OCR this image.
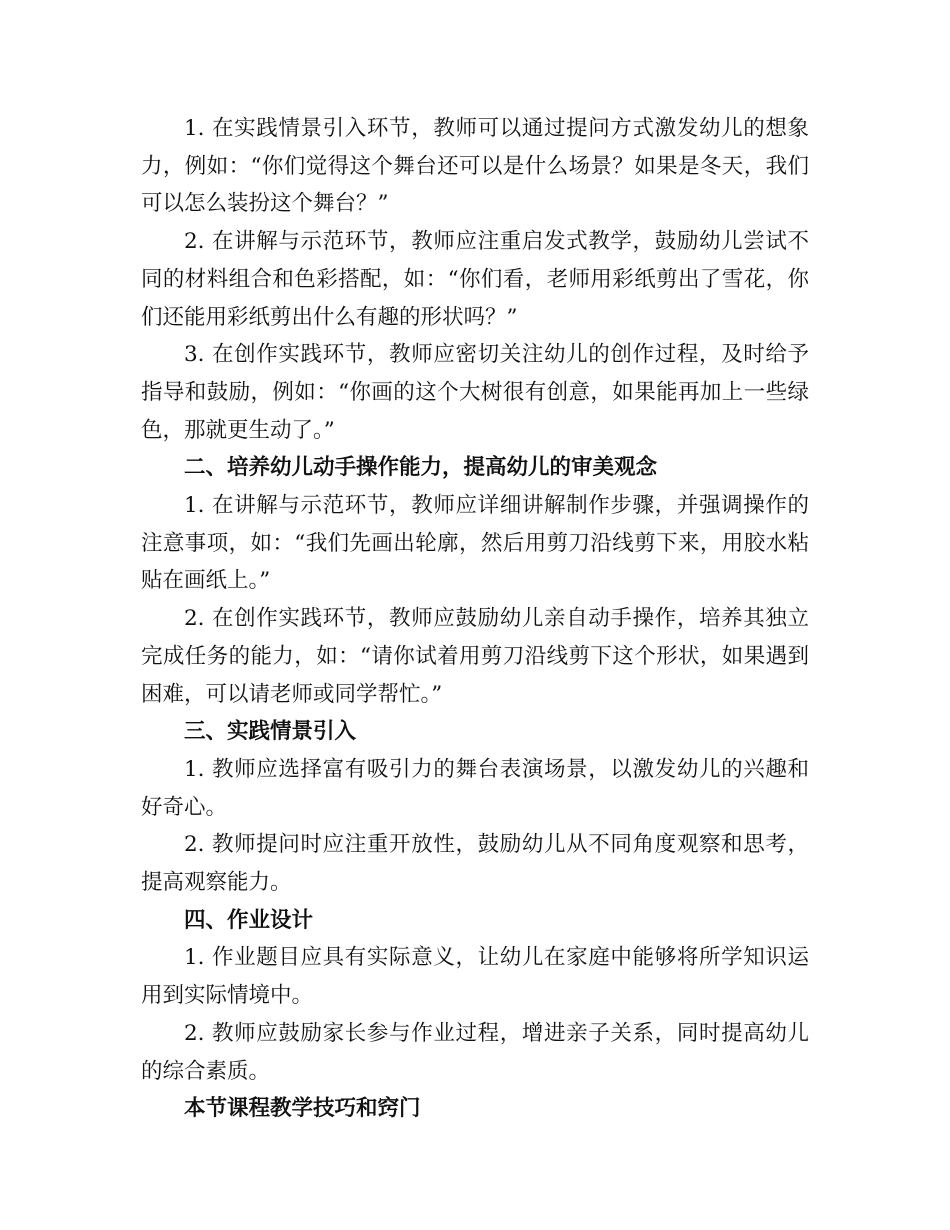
1. 在实践情景引入环节，教师可以通过提问方式激发幼儿的想象力，例如：“你们觉得这个舞台还可以是什么场景？如果是冬天，我们可以怎么装扮这个舞台？”

2. 在讲解与示范环节，教师应注重启发式教学，鼓励幼儿尝试不同的材料组合和色彩搭配，如：“你们看，老师用彩纸剪出了雪花，你们还能用彩纸剪出什么有趣的形状吗？”

3. 在创作实践环节，教师应密切关注幼儿的创作过程，及时给予指导和鼓励，例如：“你画的这个大树很有创意，如果能再加上一些绿色，那就更生动了。”

二、培养幼儿动手操作能力，提高幼儿的审美观念

1. 在讲解与示范环节，教师应详细讲解制作步骤，并强调操作的注意事项，如：“我们先画出轮廓，然后用剪刀沿线剪下来，用胶水粘贴在画纸上。”

2. 在创作实践环节，教师应鼓励幼儿亲自动手操作，培养其独立完成任务的能力，如：“请你试着用剪刀沿线剪下这个形状，如果遇到困难，可以请老师或同学帮忙。”

三、实践情景引入

1. 教师应选择富有吸引力的舞台表演场景，以激发幼儿的兴趣和好奇心。

2. 教师提问时应注重开放性，鼓励幼儿从不同角度观察和思考，提高观察能力。

四、作业设计

1. 作业题目应具有实际意义，让幼儿在家庭中能够将所学知识运用到实际情境中。

2. 教师应鼓励家长参与作业过程，增进亲子关系，同时提高幼儿的综合素质。

本节课程教学技巧和窍门
